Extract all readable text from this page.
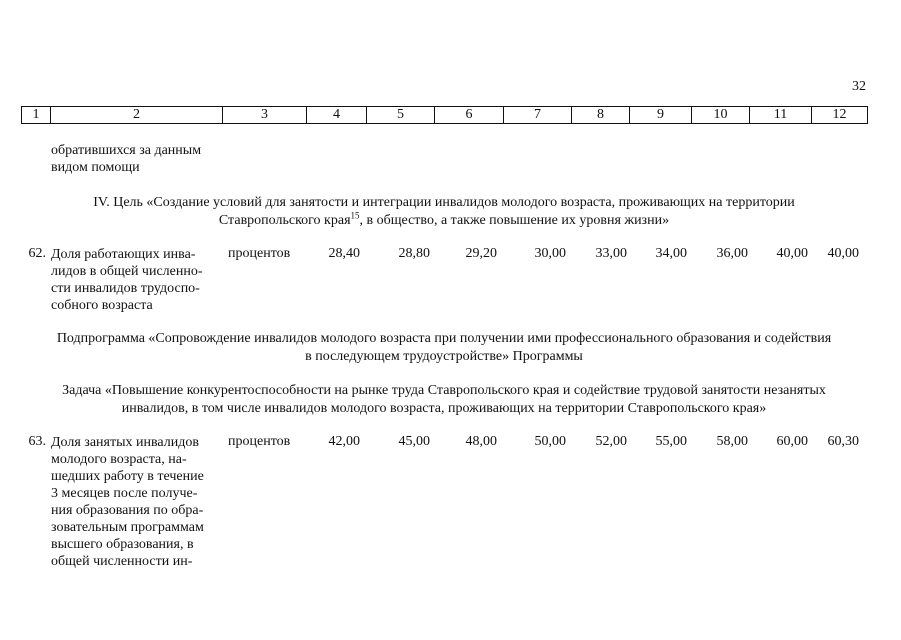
32
1	2	3	4	5	6	7	8	9	10	11	12
обратившихся за данным
видом помощи
IV. Цель «Создание условий для занятости и интеграции инвалидов молодого возраста, проживающих на территории
Ставропольского края$^{15}$, в общество, а также повышение их уровня жизни»
62. Доля работающих инва-
лидов в общей численно-
сти инвалидов трудоспо-
собного возраста
процентов	28,40	28,80	29,20	30,00	33,00	34,00	36,00	40,00	40,00
Подпрограмма «Сопровождение инвалидов молодого возраста при получении ими профессионального образования и содействия
в последующем трудоустройстве» Программы
Задача «Повышение конкурентоспособности на рынке труда Ставропольского края и содействие трудовой занятости незанятых
инвалидов, в том числе инвалидов молодого возраста, проживающих на территории Ставропольского края»
63. Доля занятых инвалидов
молодого возраста, на-
шедших работу в течение
3 месяцев после получе-
ния образования по обра-
зовательным программам
высшего образования, в
общей численности ин-
процентов	42,00	45,00	48,00	50,00	52,00	55,00	58,00	60,00	60,30
